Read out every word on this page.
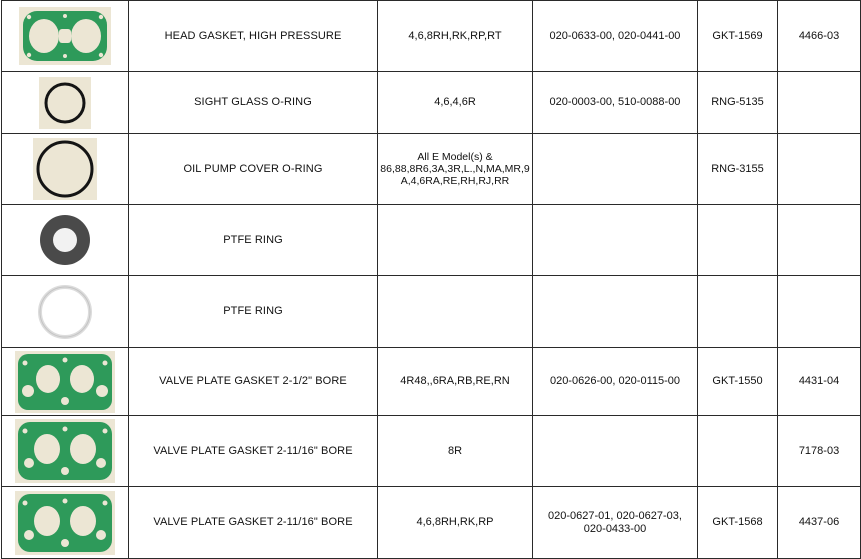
	HEAD GASKET, HIGH PRESSURE	4,6,8RH,RK,RP,RT	020-0633-00, 020-0441-00	GKT-1569	4466-03
	SIGHT GLASS O-RING	4,6,4,6R	020-0003-00, 510-0088-00	RNG-5135	
	OIL PUMP COVER O-RING	All E Model(s) & 86,88,8R6,3A,3R,L.,N,MA,MR,9 A,4,6RA,RE,RH,RJ,RR		RNG-3155	
	PTFE RING				
	PTFE RING				
	VALVE PLATE GASKET 2-1/2" BORE	4R48,,6RA,RB,RE,RN	020-0626-00, 020-0115-00	GKT-1550	4431-04
	VALVE PLATE GASKET 2-11/16" BORE	8R			7178-03
	VALVE PLATE GASKET 2-11/16" BORE	4,6,8RH,RK,RP	020-0627-01, 020-0627-03, 020-0433-00	GKT-1568	4437-06
